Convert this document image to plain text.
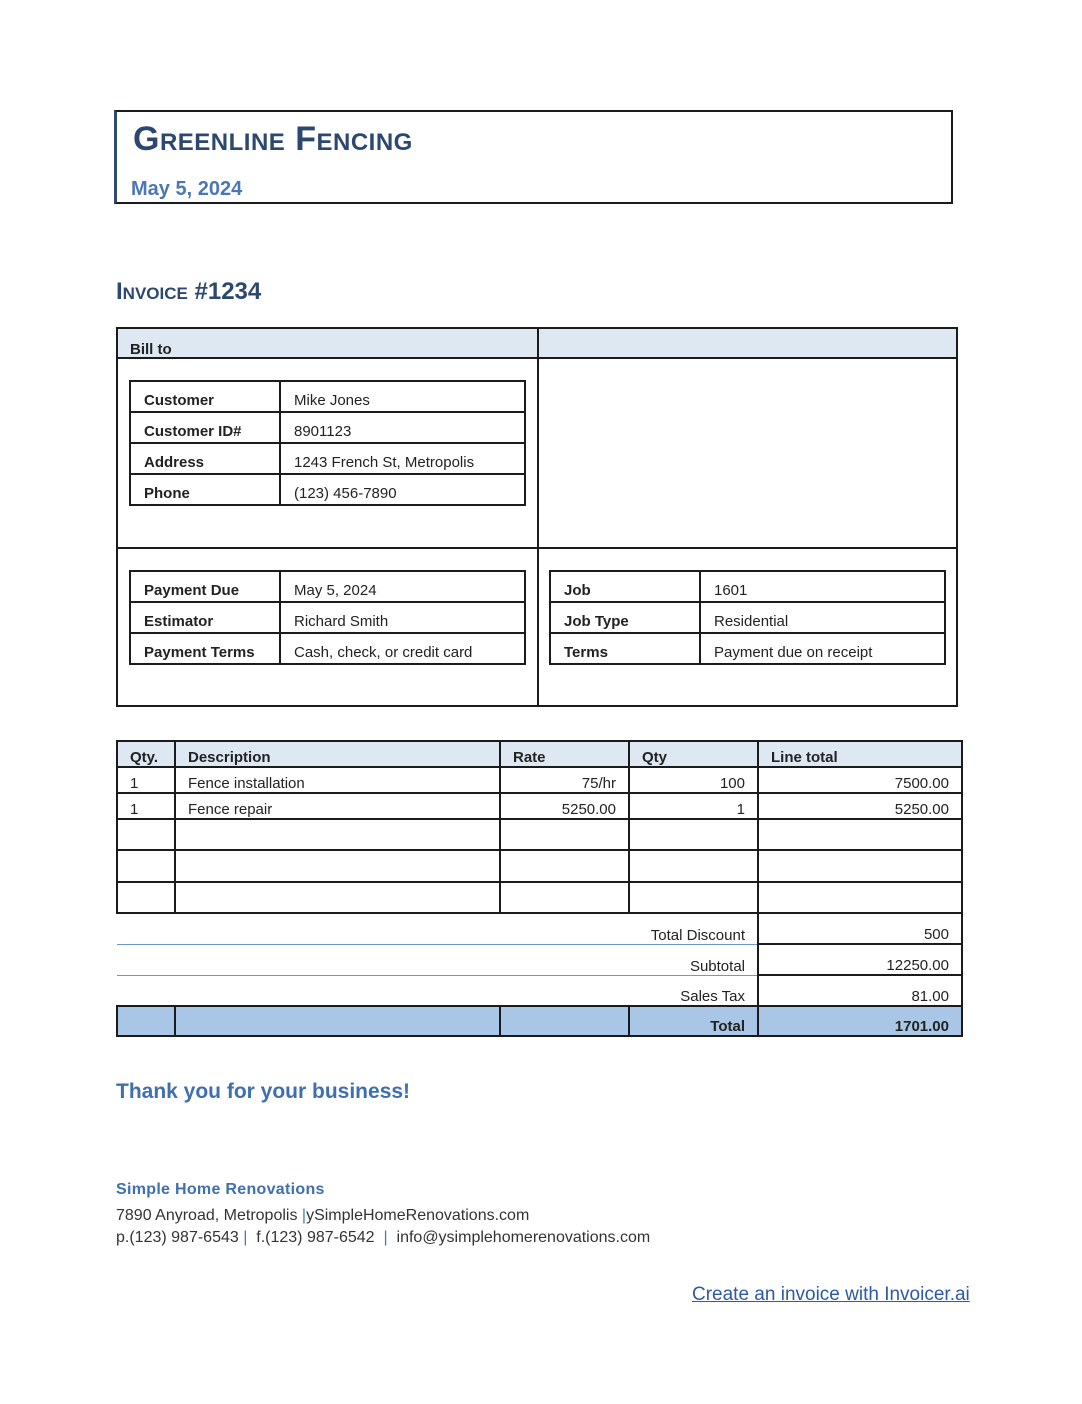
Greenline Fencing
May 5, 2024
Invoice #1234
Bill to
Customer	Mike Jones
Customer ID#	8901123
Address	1243 French St, Metropolis
Phone	(123) 456-7890
Payment Due	May 5, 2024
Estimator	Richard Smith
Payment Terms	Cash, check, or credit card
Job	1601
Job Type	Residential
Terms	Payment due on receipt
Qty.	Description	Rate	Qty	Line total
1	Fence installation	75/hr	100	7500.00
1	Fence repair	5250.00	1	5250.00

Total Discount				500
Subtotal				12250.00
Sales Tax				81.00
			Total	1701.00
Thank you for your business!
Simple Home Renovations
7890 Anyroad, Metropolis |ySimpleHomeRenovations.com
p.(123) 987-6543 | f.(123) 987-6542 | info@ysimplehomerenovations.com
Create an invoice with Invoicer.ai
